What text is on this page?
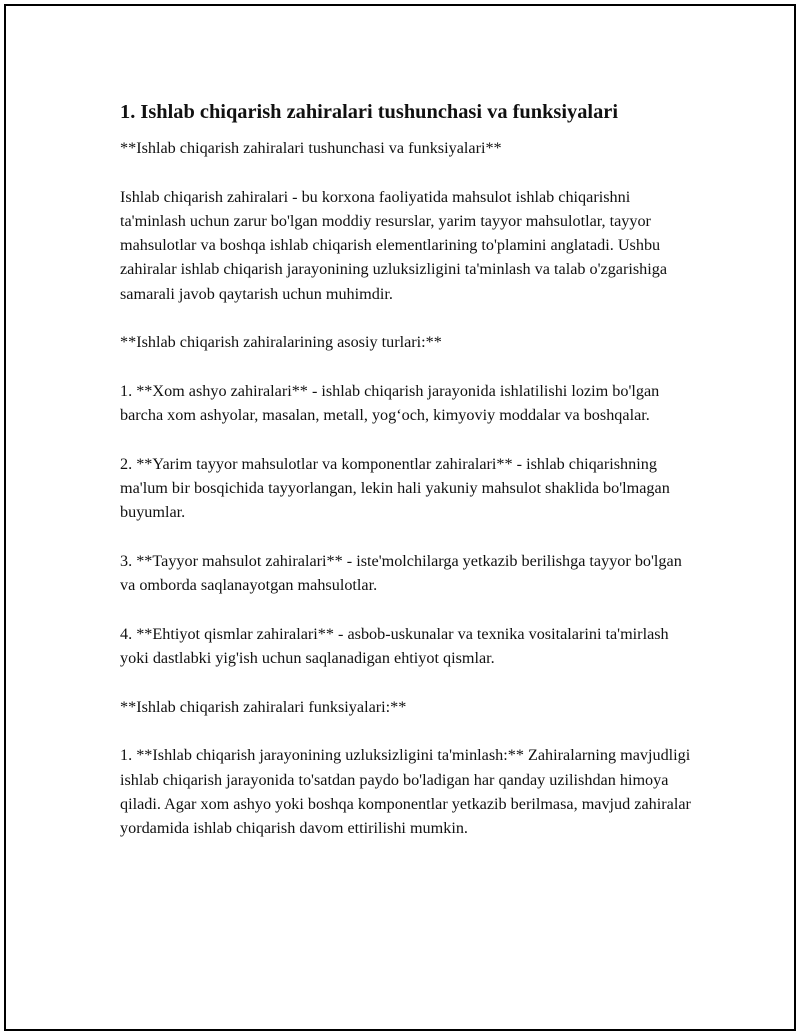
1. Ishlab chiqarish zahiralari tushunchasi va funksiyalari
**Ishlab chiqarish zahiralari tushunchasi va funksiyalari**
Ishlab chiqarish zahiralari - bu korxona faoliyatida mahsulot ishlab chiqarishni ta'minlash uchun zarur bo'lgan moddiy resurslar, yarim tayyor mahsulotlar, tayyor mahsulotlar va boshqa ishlab chiqarish elementlarining to'plamini anglatadi. Ushbu zahiralar ishlab chiqarish jarayonining uzluksizligini ta'minlash va talab o'zgarishiga samarali javob qaytarish uchun muhimdir.
**Ishlab chiqarish zahiralarining asosiy turlari:**
1. **Xom ashyo zahiralari** - ishlab chiqarish jarayonida ishlatilishi lozim bo'lgan barcha xom ashyolar, masalan, metall, yog‘och, kimyoviy moddalar va boshqalar.
2. **Yarim tayyor mahsulotlar va komponentlar zahiralari** - ishlab chiqarishning ma'lum bir bosqichida tayyorlangan, lekin hali yakuniy mahsulot shaklida bo'lmagan buyumlar.
3. **Tayyor mahsulot zahiralari** - iste'molchilarga yetkazib berilishga tayyor bo'lgan va omborda saqlanayotgan mahsulotlar.
4. **Ehtiyot qismlar zahiralari** - asbob-uskunalar va texnika vositalarini ta'mirlash yoki dastlabki yig'ish uchun saqlanadigan ehtiyot qismlar.
**Ishlab chiqarish zahiralari funksiyalari:**
1. **Ishlab chiqarish jarayonining uzluksizligini ta'minlash:** Zahiralarning mavjudligi ishlab chiqarish jarayonida to'satdan paydo bo'ladigan har qanday uzilishdan himoya qiladi. Agar xom ashyo yoki boshqa komponentlar yetkazib berilmasa, mavjud zahiralar yordamida ishlab chiqarish davom ettirilishi mumkin.
